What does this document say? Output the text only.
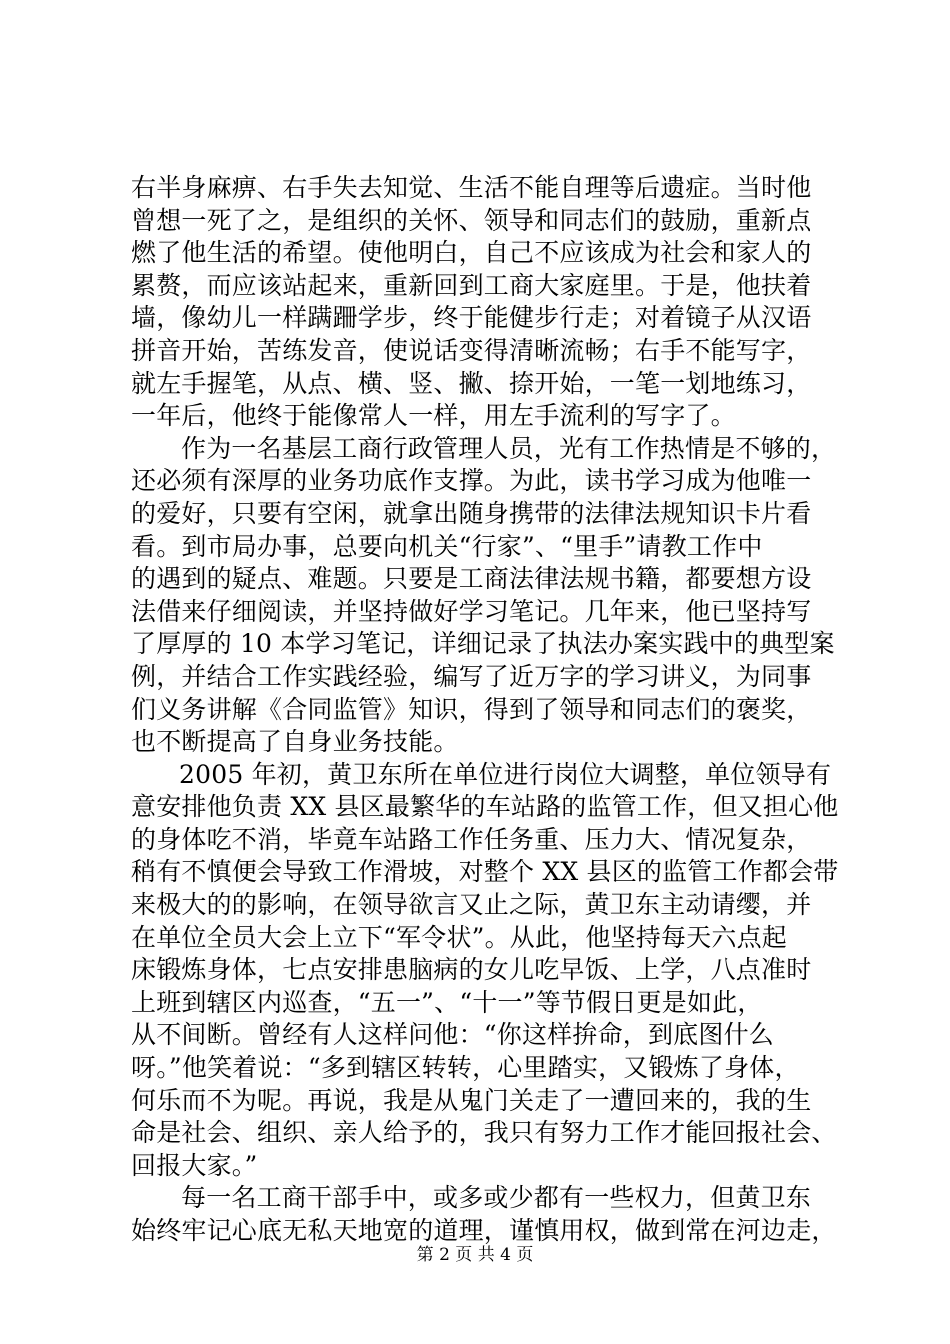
右半身麻痹、右手失去知觉、生活不能自理等后遗症。当时他
曾想一死了之，是组织的关怀、领导和同志们的鼓励，重新点
燃了他生活的希望。使他明白，自己不应该成为社会和家人的
累赘，而应该站起来，重新回到工商大家庭里。于是，他扶着
墙，像幼儿一样蹒跚学步，终于能健步行走；对着镜子从汉语
拼音开始，苦练发音，使说话变得清晰流畅；右手不能写字，
就左手握笔，从点、横、竖、撇、捺开始，一笔一划地练习，
一年后，他终于能像常人一样，用左手流利的写字了。
作为一名基层工商行政管理人员，光有工作热情是不够的，
还必须有深厚的业务功底作支撑。为此，读书学习成为他唯一
的爱好，只要有空闲，就拿出随身携带的法律法规知识卡片看
看。到市局办事，总要向机关“行家”、“里手”请教工作中
的遇到的疑点、难题。只要是工商法律法规书籍，都要想方设
法借来仔细阅读，并坚持做好学习笔记。几年来，他已坚持写
了厚厚的 10 本学习笔记，详细记录了执法办案实践中的典型案
例，并结合工作实践经验，编写了近万字的学习讲义，为同事
们义务讲解《合同监管》知识，得到了领导和同志们的褒奖，
也不断提高了自身业务技能。
2005 年初，黄卫东所在单位进行岗位大调整，单位领导有
意安排他负责 XX 县区最繁华的车站路的监管工作，但又担心他
的身体吃不消，毕竟车站路工作任务重、压力大、情况复杂，
稍有不慎便会导致工作滑坡，对整个 XX 县区的监管工作都会带
来极大的的影响，在领导欲言又止之际，黄卫东主动请缨，并
在单位全员大会上立下“军令状”。从此，他坚持每天六点起
床锻炼身体，七点安排患脑病的女儿吃早饭、上学，八点准时
上班到辖区内巡查，“五一”、“十一”等节假日更是如此，
从不间断。曾经有人这样问他：“你这样拚命，到底图什么
呀。”他笑着说：“多到辖区转转，心里踏实，又锻炼了身体，
何乐而不为呢。再说，我是从鬼门关走了一遭回来的，我的生
命是社会、组织、亲人给予的，我只有努力工作才能回报社会、
回报大家。”
每一名工商干部手中，或多或少都有一些权力，但黄卫东
始终牢记心底无私天地宽的道理，谨慎用权，做到常在河边走，
第 2 页 共 4 页
